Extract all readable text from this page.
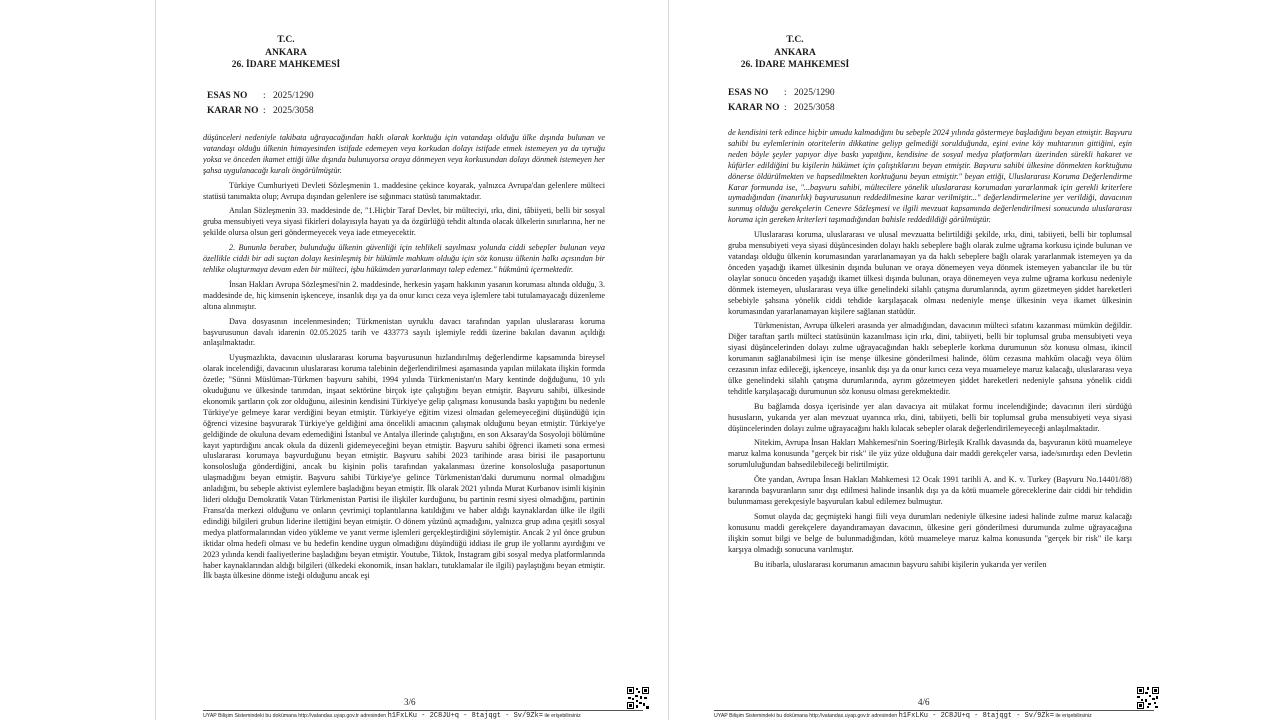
T.C.
ANKARA
26. İDARE MAHKEMESİ
ESAS NO	: 2025/1290
KARAR NO : 2025/3058

düşünceleri nedeniyle takibata uğrayacağından haklı olarak korktuğu için vatandaşı olduğu ülke dışında bulunan ve vatandaşı olduğu ülkenin himayesinden istifade edemeyen veya korkudan dolayı istifade etmek istemeyen ya da uyruğu yoksa ve önceden ikamet ettiği ülke dışında bulunuyorsa oraya dönmeyen veya korkusundan dolayı dönmek istemeyen her şahsa uygulanacağı kuralı öngörülmüştür.

Türkiye Cumhuriyeti Devleti Sözleşmenin 1. maddesine çekince koyarak, yalnızca Avrupa'dan gelenlere mülteci statüsü tanımakta olup; Avrupa dışından gelenlere ise sığınmacı statüsü tanımaktadır.

Anılan Sözleşmenin 33. maddesinde de, "1.Hiçbir Taraf Devlet, bir mülteciyi, ırkı, dini, tâbiiyeti, belli bir sosyal gruba mensubiyeti veya siyasi fikirleri dolayısıyla hayatı ya da özgürlüğü tehdit altında olacak ülkelerin sınırlarına, her ne şekilde olursa olsun geri göndermeyecek veya iade etmeyecektir.

2. Bununla beraber, bulunduğu ülkenin güvenliği için tehlikeli sayılması yolunda ciddi sebepler bulunan veya özellikle ciddi bir adi suçtan dolayı kesinleşmiş bir hükümle mahkum olduğu için söz konusu ülkenin halkı açısından bir tehlike oluşturmaya devam eden bir mülteci, işbu hükümden yararlanmayı talep edemez." hükmünü içermektedir.

İnsan Hakları Avrupa Sözleşmesi'nin 2. maddesinde, herkesin yaşam hakkının yasanın koruması altında olduğu, 3. maddesinde de, hiç kimsenin işkenceye, insanlık dışı ya da onur kırıcı ceza veya işlemlere tabi tutulamayacağı düzenleme altına alınmıştır.

Dava dosyasının incelenmesinden; Türkmenistan uyruklu davacı tarafından yapılan uluslararası koruma başvurusunun davalı idarenin 02.05.2025 tarih ve 433773 sayılı işlemiyle reddi üzerine bakılan davanın açıldığı anlaşılmaktadır.

Uyuşmazlıkta, davacının uluslararası koruma başvurusunun hızlandırılmış değerlendirme kapsamında bireysel olarak incelendiği, davacının uluslararası koruma talebinin değerlendirilmesi aşamasında yapılan mülakata ilişkin formda özetle; "Sünni Müslüman-Türkmen başvuru sahibi, 1994 yılında Türkmenistan'ın Mary kentinde doğduğunu, 10 yılı okuduğunu ve ülkesinde tarımdan, inşaat sektörüne birçok işte çalıştığını beyan etmiştir. Başvuru sahibi, ülkesinde ekonomik şartların çok zor olduğunu, ailesinin kendisini Türkiye'ye gelip çalışması konusunda baskı yaptığını bu nedenle Türkiye'ye gelmeye karar verdiğini beyan etmiştir. Türkiye'ye eğitim vizesi olmadan gelemeyeceğini düşündüğü için öğrenci vizesine başvurarak Türkiye'ye geldiğini ama öncelikli amacının çalışmak olduğunu beyan etmiştir. Türkiye'ye geldiğinde de okuluna devam edemediğini İstanbul ve Antalya illerinde çalıştığını, en son Aksaray'da Sosyoloji bölümüne kayıt yaptırdığını ancak okula da düzenli gidemeyeceğini beyan etmiştir. Başvuru sahibi öğrenci ikameti sona ermesi uluslararası korumaya başvurduğunu beyan etmiştir. Başvuru sahibi 2023 tarihinde arası birisi ile pasaportunu konsolosluğa gönderdiğini, ancak bu kişinin polis tarafından yakalanması üzerine konsolosluğa pasaportunun ulaşmadığını beyan etmiştir. Başvuru sahibi Türkiye'ye gelince Türkmenistan'daki durumunu normal olmadığını anladığını, bu sebeple aktivist eylemlere başladığını beyan etmiştir. İlk olarak 2021 yılında Murat Kurbanov isimli kişinin lideri olduğu Demokratik Vatan Türkmenistan Partisi ile ilişkiler kurduğunu, bu partinin resmi siyesi olmadığını, partinin Fransa'da merkezi olduğunu ve onların çevrimiçi toplantılarına katıldığını ve haber aldığı kaynaklardan ülke ile ilgili edindiği bilgileri grubun liderine ilettiğini beyan etmiştir. O dönem yüzünü açmadığını, yalnızca grup adına çeşitli sosyal medya platformalarından video yükleme ve yanıt verme işlemleri gerçekleştirdiğini söylemiştir. Ancak 2 yıl önce grubun iktidar olma hedefi olması ve bu hedefin kendine uygun olmadığını düşündüğü iddiası ile grup ile yollarını ayırdığını ve 2023 yılında kendi faaliyetlerine başladığını beyan etmiştir. Youtube, Tiktok, Instagram gibi sosyal medya platformlarında haber kaynaklarından aldığı bilgileri (ülkedeki ekonomik, insan hakları, tutuklamalar ile ilgili) paylaştığını beyan etmiştir. İlk başta ülkesine dönme isteği olduğunu ancak eşi

3/6
UYAP Bilişim Sistemindeki bu dokümana http://vatandas.uyap.gov.tr adresinden h1FxLKu - 2C8JU+q - 8tajqgt - Sv/9Zk= ile erişebilirsiniz
T.C.
ANKARA
26. İDARE MAHKEMESİ
ESAS NO	: 2025/1290
KARAR NO : 2025/3058

de kendisini terk edince hiçbir umudu kalmadığını bu sebeple 2024 yılında göstermeye başladığını beyan etmiştir. Başvuru sahibi bu eylemlerinin otoritelerin dikkatine geliyp gelmediği sorulduğunda, eşini evine köy muhtarının gittiğini, eşin neden böyle şeyler yapıyor diye baskı yapıtğını, kendisine de sosyal medya platformları üzerinden sürekli hakaret ve küfürler edildiğini bu kişilerin hükümet için çalıştıklarını beyan etmiştir. Başvuru sahibi ülkesine dönmekten korktuğunu dönerse öldürülmekten ve hapsedilmekten korktuğunu beyan etmiştir." beyan ettiği, Uluslararası Koruma Değerlendirme Karar formunda ise, "...başvuru sahibi, mültecilere yönelik uluslararası korumadan yararlanmak için gerekli kriterlere uymadığından (inanırlık) başvurusunun reddedilmesine karar verilmiştir..." değerlendirmelerine yer verildiği, davacının sunmuş olduğu gerekçelerin Cenevre Sözleşmesi ve ilgili mevzuat kapsamında değerlendirilmesi sonucunda uluslararası koruma için gereken kriterleri taşımadığından bahisle reddedildiği görülmüştür.

Uluslararası koruma, uluslararası ve ulusal mevzuatta belirtildiği şekilde, ırkı, dini, tabiiyeti, belli bir toplumsal gruba mensubiyeti veya siyasi düşüncesinden dolayı haklı sebeplere bağlı olarak zulme uğrama korkusu içinde bulunan ve vatandaşı olduğu ülkenin korumasından yararlanamayan ya da haklı sebeplere bağlı olarak yararlanmak istemeyen ya da önceden yaşadığı ikamet ülkesinin dışında bulunan ve oraya dönemeyen veya dönmek istemeyen yabancılar ile bu tür olaylar sonucu önceden yaşadığı ikamet ülkesi dışında bulunan, oraya dönemeyen veya zulme uğrama korkusu nedeniyle dönmek istemeyen, uluslararası veya ülke genelindeki silahlı çatışma durumlarında, ayrım gözetmeyen şiddet hareketleri sebebiyle şahsına yönelik ciddi tehdide karşılaşacak olması nedeniyle menşe ülkesinin veya ikamet ülkesinin korumasından yararlanamayan kişilere sağlanan statüdür.

Türkmenistan, Avrupa ülkeleri arasında yer almadığından, davacının mülteci sıfatını kazanması mümkün değildir. Diğer taraftan şartlı mülteci statüsünün kazanılması için ırkı, dini, tabiiyeti, belli bir toplumsal gruba mensubiyeti veya siyasi düşüncelerinden dolayı zulme uğrayacağından haklı sebeplerle korkma durumunun söz konusu olması, ikincil korumanın sağlanabilmesi için ise menşe ülkesine gönderilmesi halinde, ölüm cezasına mahkûm olacağı veya ölüm cezasının infaz edileceği, işkenceye, insanlık dışı ya da onur kırıcı ceza veya muameleye maruz kalacağı, uluslararası veya ülke genelindeki silahlı çatışma durumlarında, ayrım gözetmeyen şiddet hareketleri nedeniyle şahsına yönelik ciddi tehditle karşılaşacağı durumunun söz konusu olması gerekmektedir.

Bu bağlamda dosya içerisinde yer alan davacıya ait mülakat formu incelendiğinde; davacının ileri sürdüğü hususların, yukarıda yer alan mevzuat uyarınca ırkı, dini, tabiiyeti, belli bir toplumsal gruba mensubiyeti veya siyasi düşüncelerinden dolayı zulme uğrayacağını haklı kılacak sebepler olarak değerlendirilemeyeceği anlaşılmaktadır.

Nitekim, Avrupa İnsan Hakları Mahkemesi'nin Soering/Birleşik Krallık davasında da, başvuranın kötü muameleye maruz kalma konusunda "gerçek bir risk" ile yüz yüze olduğuna dair maddi gerekçeler varsa, iade/sınırdışı eden Devletin sorumluluğundan bahsedilebileceği belirtilmiştir.

Öte yandan, Avrupa İnsan Hakları Mahkemesi 12 Ocak 1991 tarihli A. and K. v. Turkey (Başvuru No.14401/88) kararında başvuranların sınır dışı edilmesi halinde insanlık dışı ya da kötü muamele göreceklerine dair ciddi bir tehdidin bulunmaması gerekçesiyle başvuruları kabul edilemez bulmuştur.

Somut olayda da; geçmişteki hangi fiili veya durumları nedeniyle ülkesine iadesi halinde zulme maruz kalacağı konusunu maddi gerekçelere dayandıramayan davacının, ülkesine geri gönderilmesi durumunda zulme uğrayacağına ilişkin somut bilgi ve belge de bulunmadığından, kötü muameleye maruz kalma konusunda "gerçek bir risk" ile karşı karşıya olmadığı sonucuna varılmıştır.

Bu itibarla, uluslararası korumanın amacının başvuru sahibi kişilerin yukarıda yer verilen

4/6
UYAP Bilişim Sistemindeki bu dokümana http://vatandas.uyap.gov.tr adresinden h1FxLKu - 2C8JU+q - 8tajqgt - Sv/9Zk= ile erişebilirsiniz
